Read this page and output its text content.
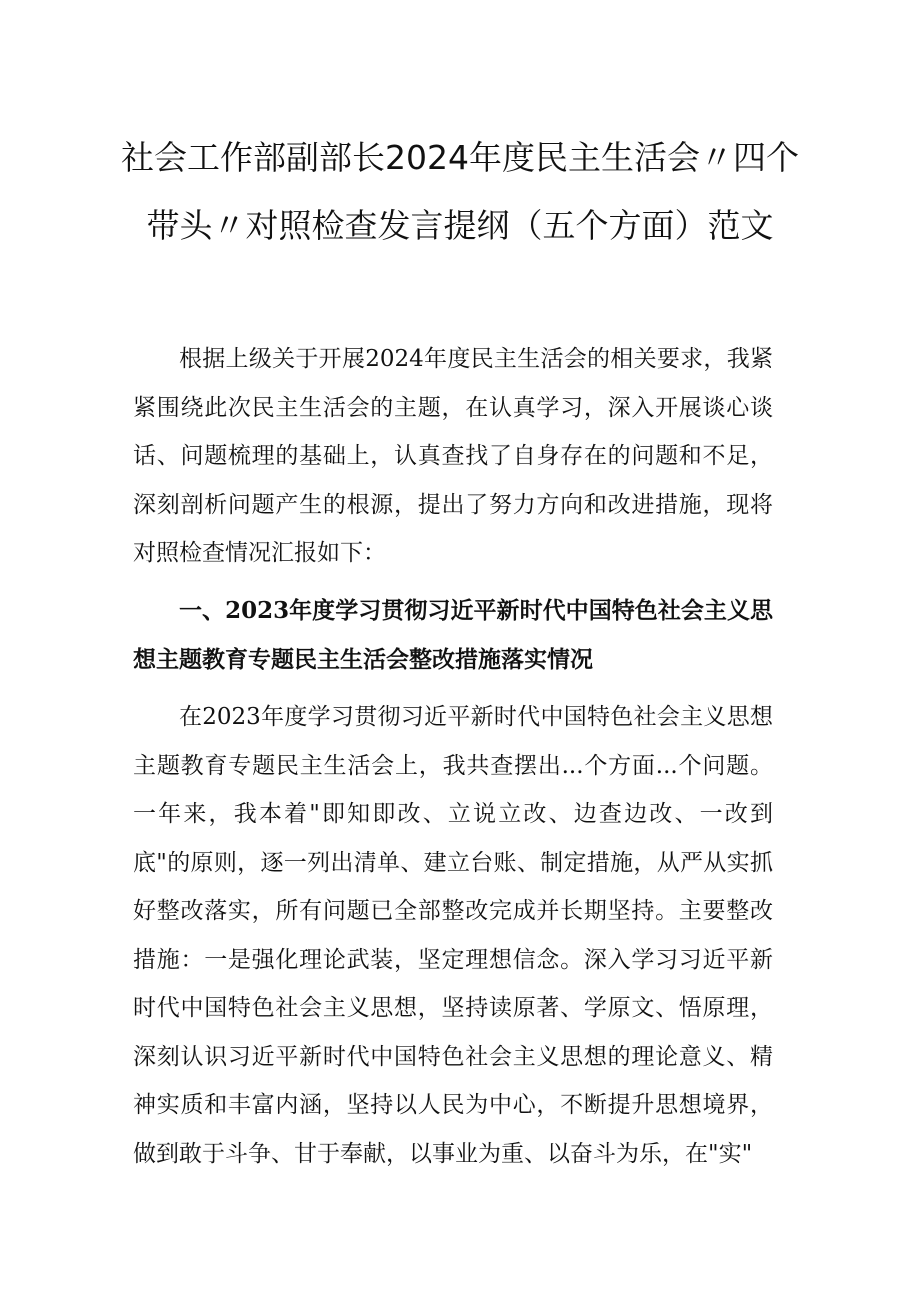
社会工作部副部长2024年度民主生活会〃四个带头〃对照检查发言提纲（五个方面）范文

根据上级关于开展2024年度民主生活会的相关要求，我紧紧围绕此次民主生活会的主题，在认真学习，深入开展谈心谈话、问题梳理的基础上，认真查找了自身存在的问题和不足，深刻剖析问题产生的根源，提出了努力方向和改进措施，现将对照检查情况汇报如下：

一、2023年度学习贯彻习近平新时代中国特色社会主义思想主题教育专题民主生活会整改措施落实情况

在2023年度学习贯彻习近平新时代中国特色社会主义思想主题教育专题民主生活会上，我共查摆出...个方面...个问题。一年来，我本着"即知即改、立说立改、边查边改、一改到底"的原则，逐一列出清单、建立台账、制定措施，从严从实抓好整改落实，所有问题已全部整改完成并长期坚持。主要整改措施：一是强化理论武装，坚定理想信念。深入学习习近平新时代中国特色社会主义思想，坚持读原著、学原文、悟原理，深刻认识习近平新时代中国特色社会主义思想的理论意义、精神实质和丰富内涵，坚持以人民为中心，不断提升思想境界，做到敢于斗争、甘于奉献，以事业为重、以奋斗为乐，在"实"
